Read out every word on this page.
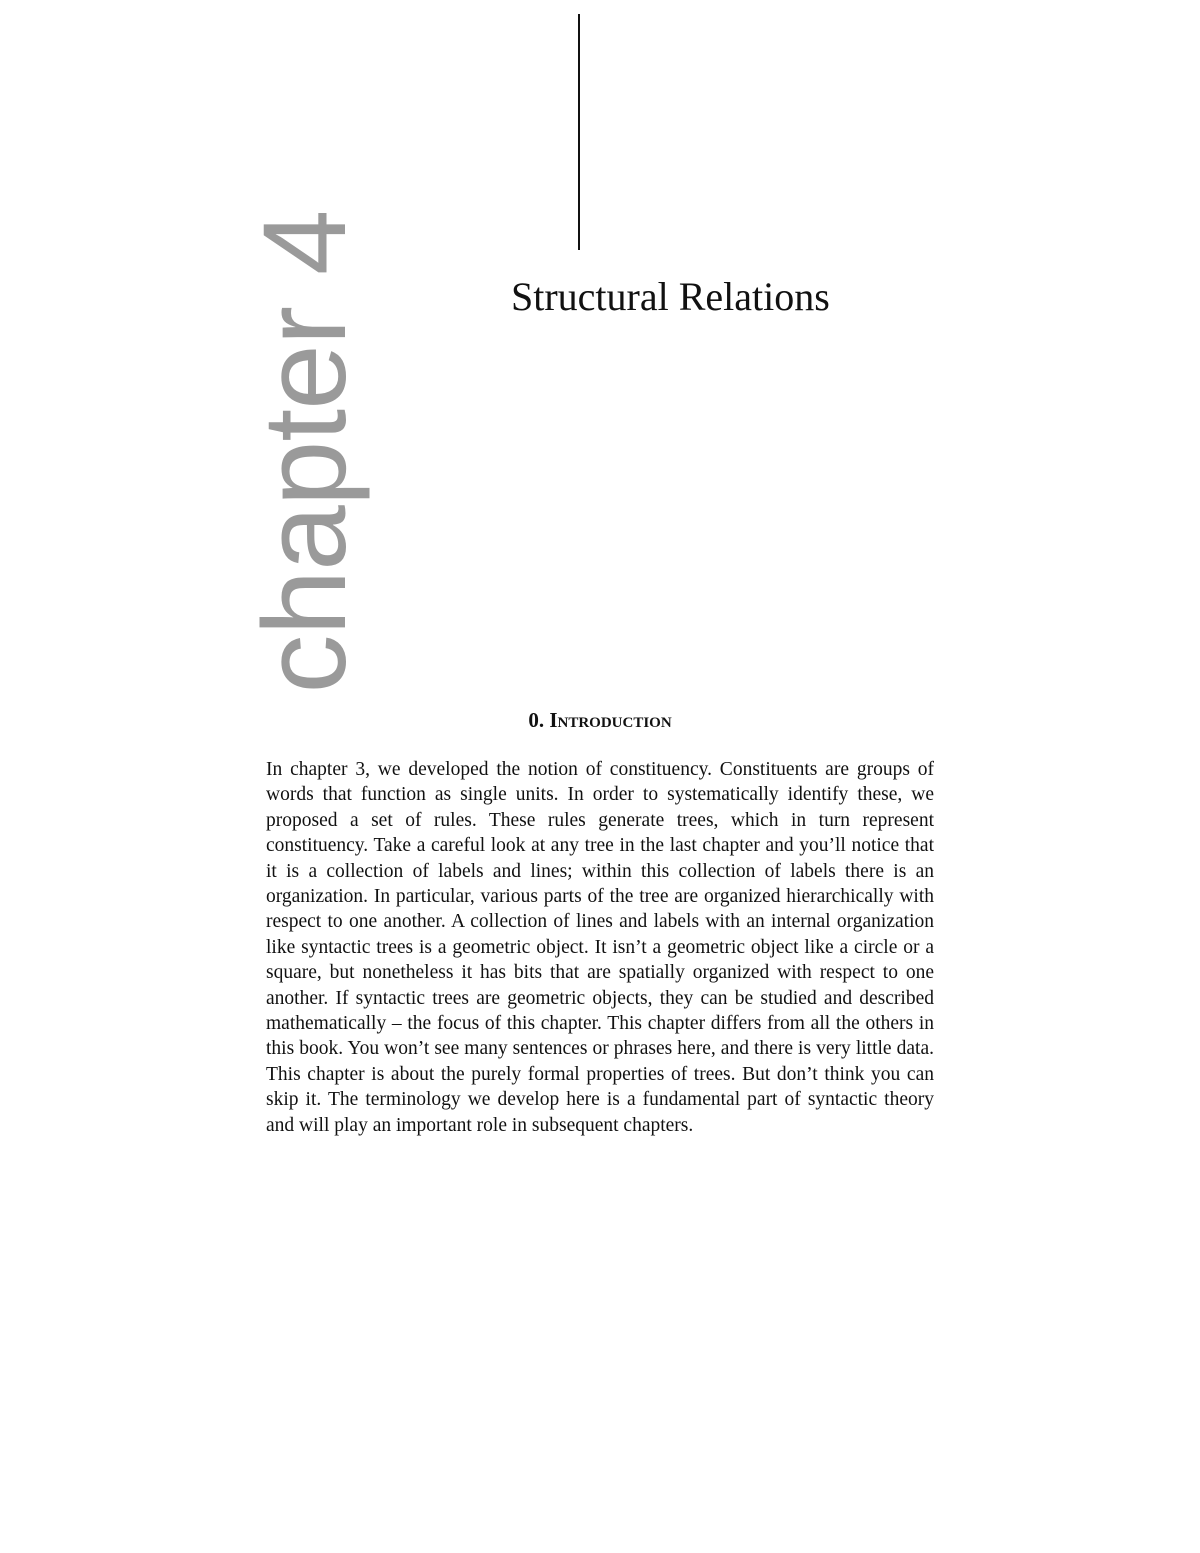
chapter 4	Structural Relations
0. Introduction

In chapter 3, we developed the notion of constituency. Constituents are groups of words that function as single units. In order to systematically identify these, we proposed a set of rules. These rules generate trees, which in turn represent constituency. Take a careful look at any tree in the last chapter and you’ll notice that it is a collection of labels and lines; within this collection of labels there is an organization. In particular, various parts of the tree are organized hierarchically with respect to one another. A collection of lines and labels with an internal organization like syntactic trees is a geometric object. It isn’t a geometric object like a circle or a square, but nonetheless it has bits that are spatially organized with respect to one another. If syntactic trees are geometric objects, they can be studied and described mathematically – the focus of this chapter. This chapter differs from all the others in this book. You won’t see many sentences or phrases here, and there is very little data. This chapter is about the purely formal properties of trees. But don’t think you can skip it. The terminology we develop here is a fundamental part of syntactic theory and will play an important role in subsequent chapters.
